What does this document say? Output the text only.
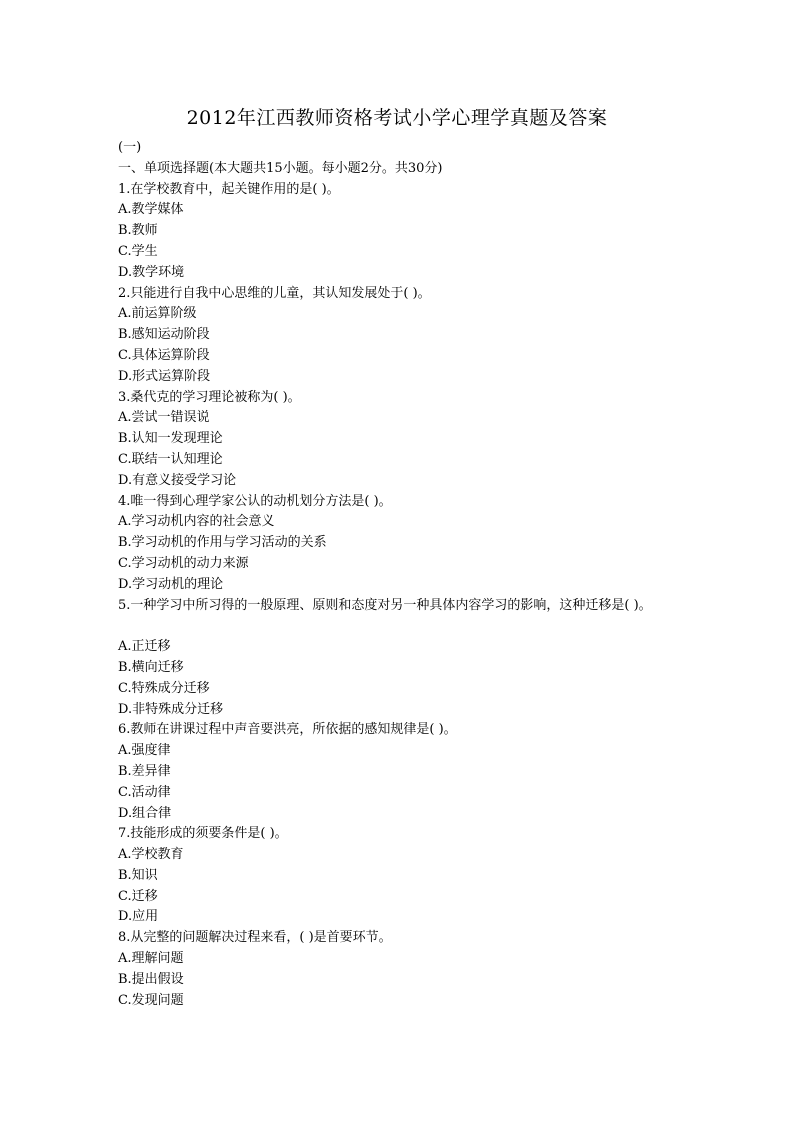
2012年江西教师资格考试小学心理学真题及答案
(一)
一、单项选择题(本大题共15小题。每小题2分。共30分)
1.在学校教育中，起关键作用的是( )。
A.教学媒体
B.教师
C.学生
D.教学环境
2.只能进行自我中心思维的儿童，其认知发展处于( )。
A.前运算阶级
B.感知运动阶段
C.具体运算阶段
D.形式运算阶段
3.桑代克的学习理论被称为( )。
A.尝试一错误说
B.认知一发现理论
C.联结一认知理论
D.有意义接受学习论
4.唯一得到心理学家公认的动机划分方法是( )。
A.学习动机内容的社会意义
B.学习动机的作用与学习活动的关系
C.学习动机的动力来源
D.学习动机的理论
5.一种学习中所习得的一般原理、原则和态度对另一种具体内容学习的影响，这种迁移是( )。
A.正迁移
B.横向迁移
C.特殊成分迁移
D.非特殊成分迁移
6.教师在讲课过程中声音要洪亮，所依据的感知规律是( )。
A.强度律
B.差异律
C.活动律
D.组合律
7.技能形成的须要条件是( )。
A.学校教育
B.知识
C.迁移
D.应用
8.从完整的问题解决过程来看，( )是首要环节。
A.理解问题
B.提出假设
C.发现问题
